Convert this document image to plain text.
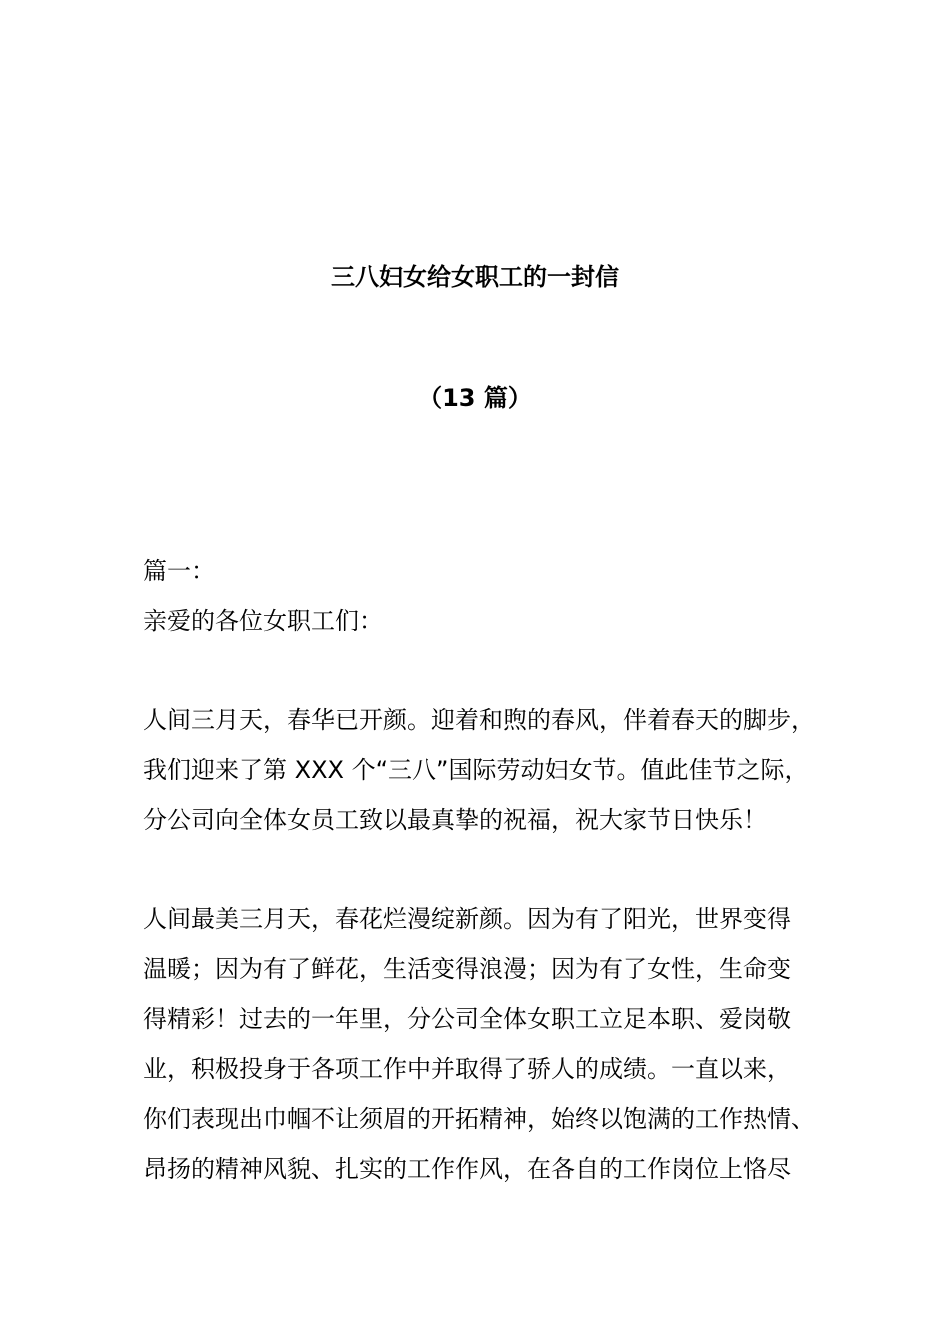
三八妇女给女职工的一封信
（13 篇）
篇一：
亲爱的各位女职工们：
人间三月天，春华已开颜。迎着和煦的春风，伴着春天的脚步，
我们迎来了第 XXX 个“三八”国际劳动妇女节。值此佳节之际，
分公司向全体女员工致以最真挚的祝福，祝大家节日快乐！
人间最美三月天，春花烂漫绽新颜。因为有了阳光，世界变得
温暖；因为有了鲜花，生活变得浪漫；因为有了女性，生命变
得精彩！过去的一年里，分公司全体女职工立足本职、爱岗敬
业，积极投身于各项工作中并取得了骄人的成绩。一直以来，
你们表现出巾帼不让须眉的开拓精神，始终以饱满的工作热情、
昂扬的精神风貌、扎实的工作作风，在各自的工作岗位上恪尽
